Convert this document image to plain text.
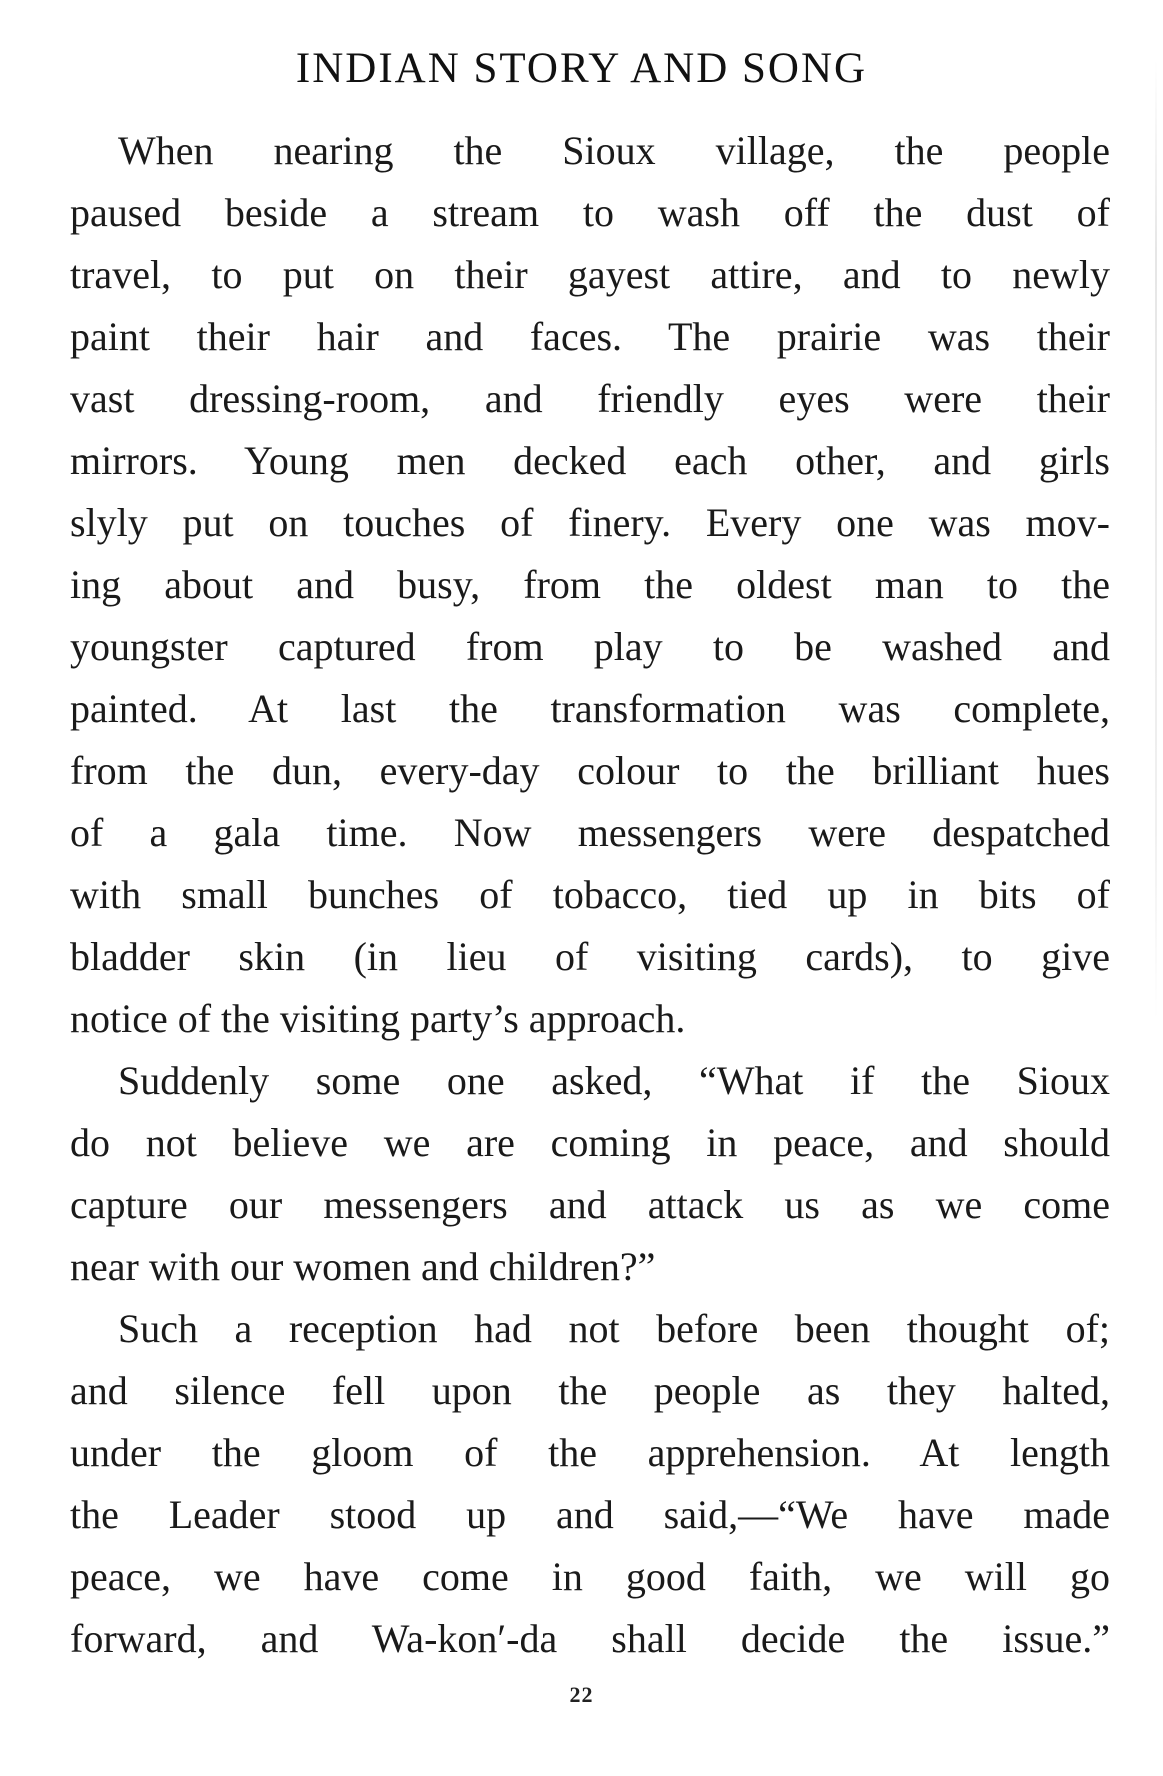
INDIAN STORY AND SONG
When nearing the Sioux village, the people
paused beside a stream to wash off the dust of
travel, to put on their gayest attire, and to newly
paint their hair and faces. The prairie was their
vast dressing-room, and friendly eyes were their
mirrors. Young men decked each other, and girls
slyly put on touches of finery. Every one was mov-
ing about and busy, from the oldest man to the
youngster captured from play to be washed and
painted. At last the transformation was complete,
from the dun, every-day colour to the brilliant hues
of a gala time. Now messengers were despatched
with small bunches of tobacco, tied up in bits of
bladder skin (in lieu of visiting cards), to give
notice of the visiting party’s approach.
Suddenly some one asked, “What if the Sioux
do not believe we are coming in peace, and should
capture our messengers and attack us as we come
near with our women and children?”
Such a reception had not before been thought of;
and silence fell upon the people as they halted,
under the gloom of the apprehension. At length
the Leader stood up and said,—“We have made
peace, we have come in good faith, we will go
forward, and Wa-kon′-da shall decide the issue.”
22
